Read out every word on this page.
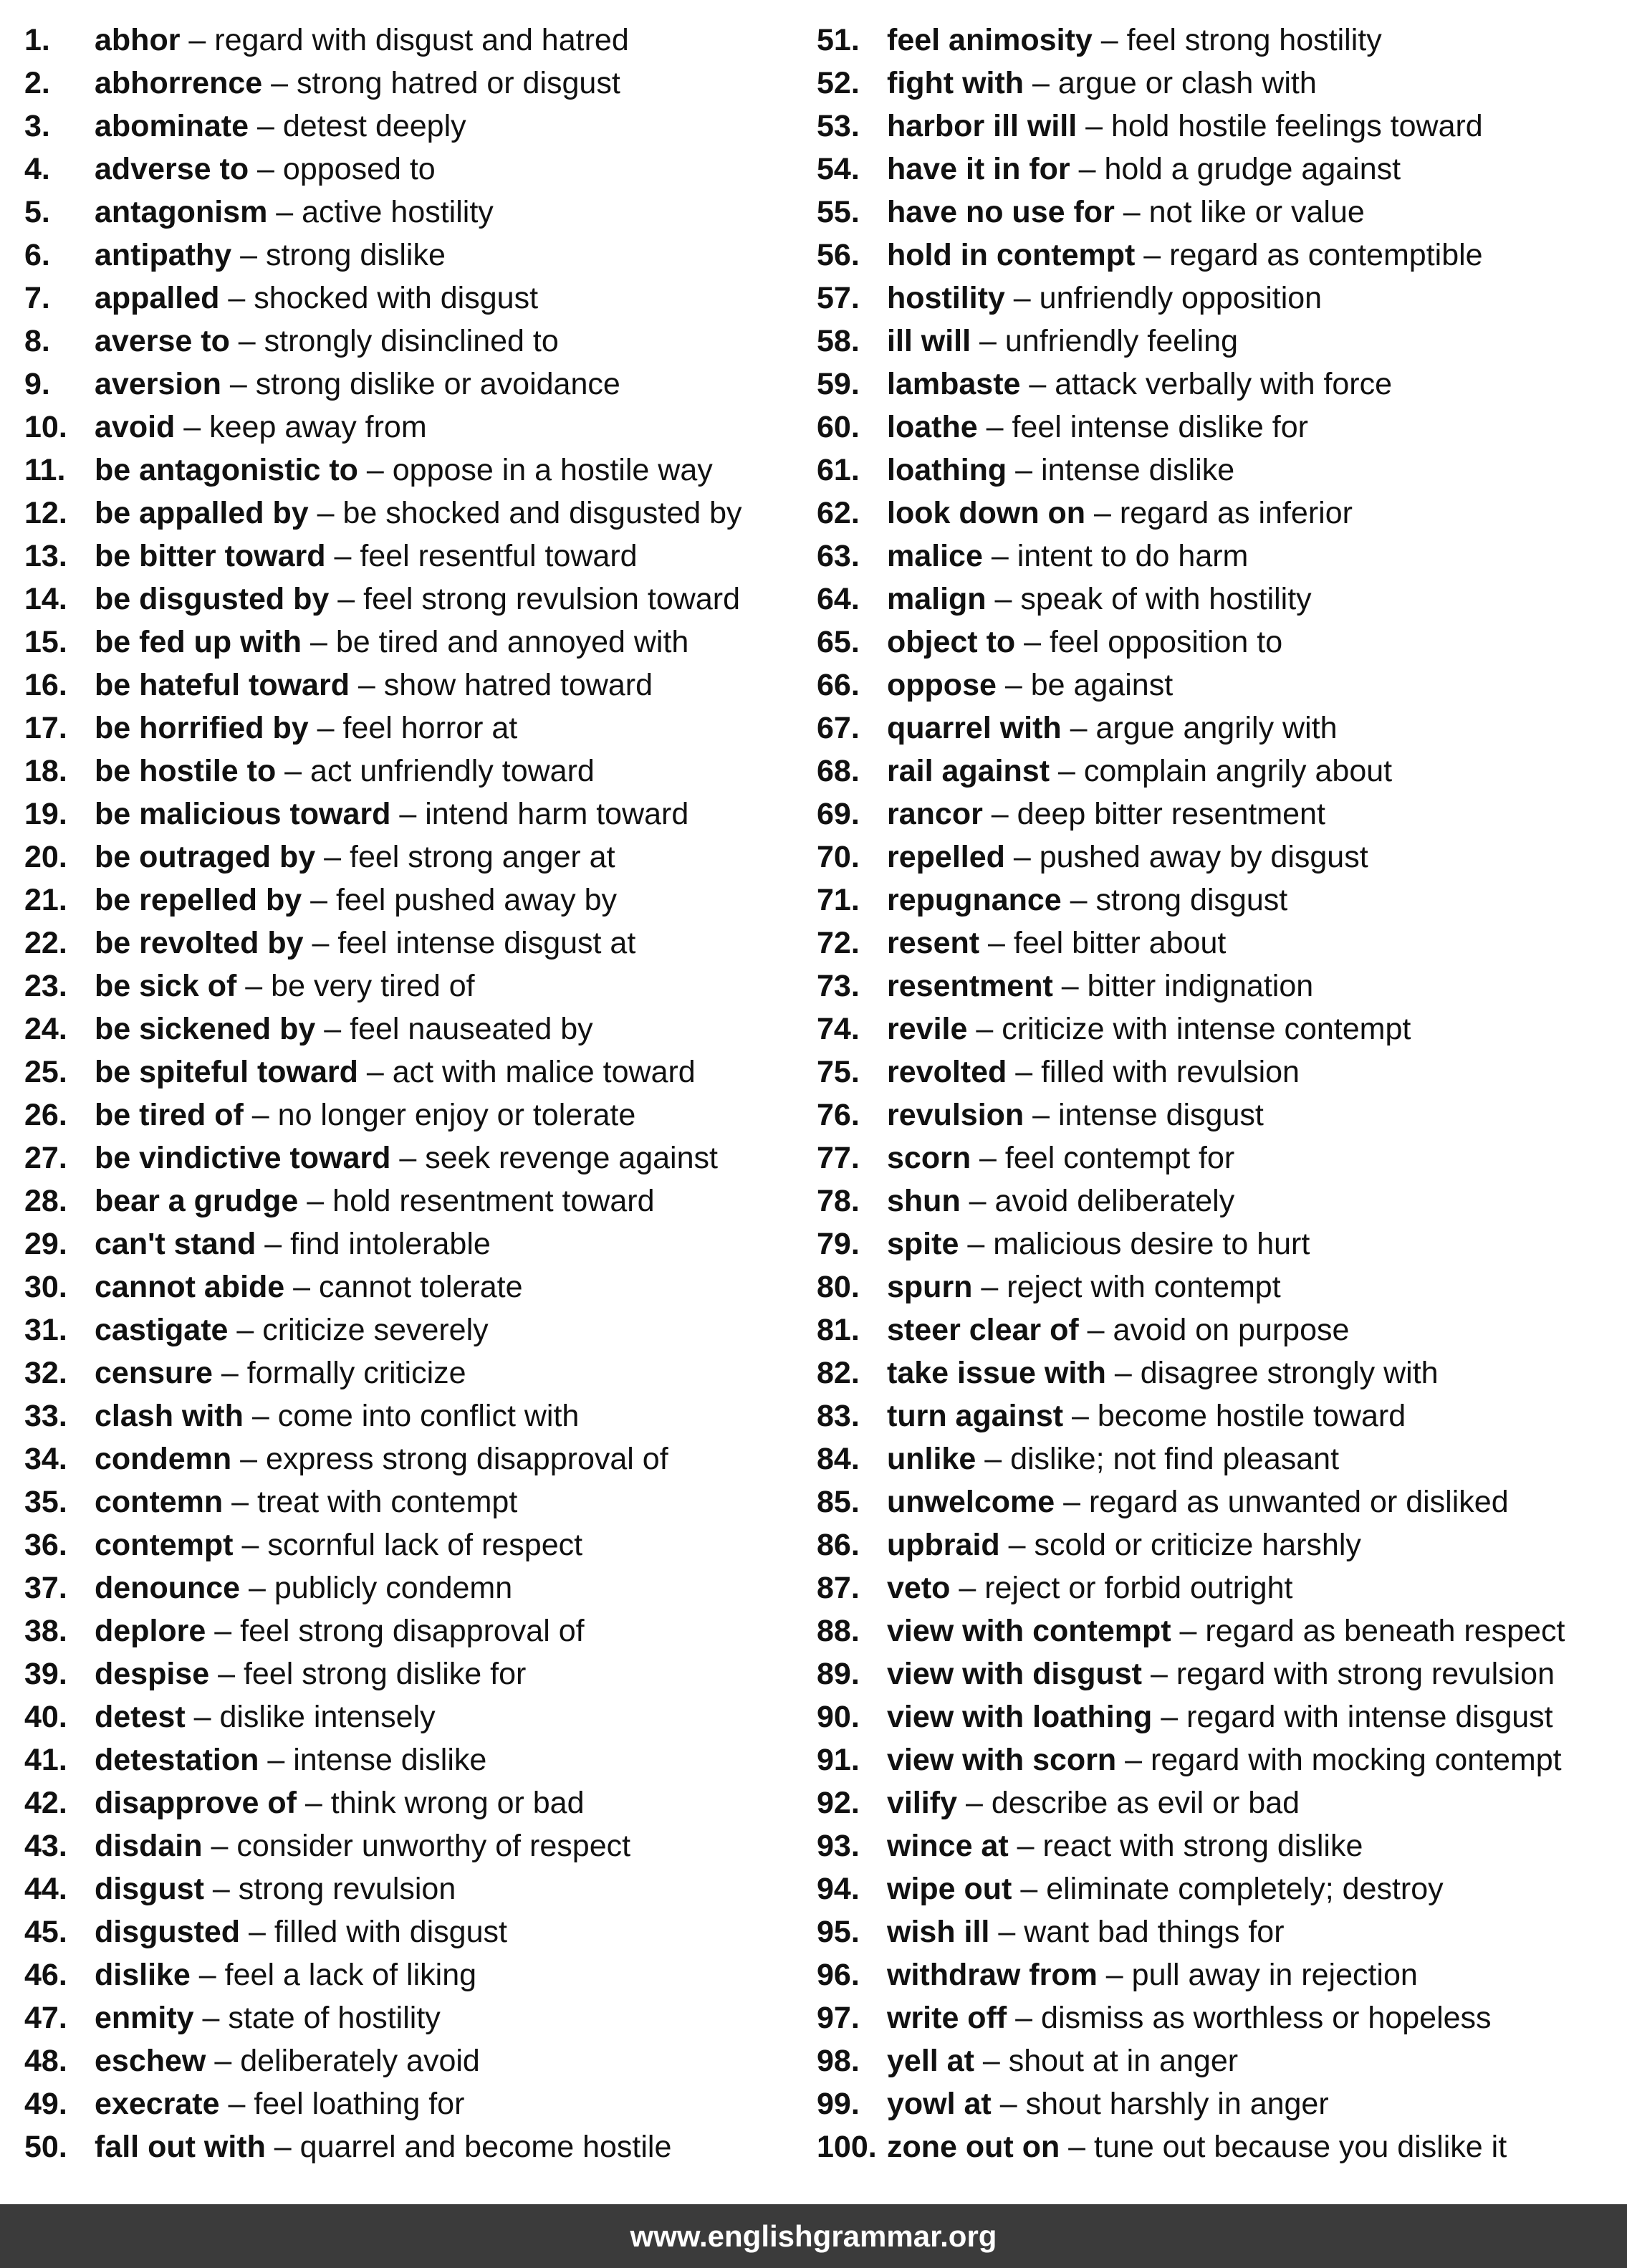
1.	abhor – regard with disgust and hatred
2.	abhorrence – strong hatred or disgust
3.	abominate – detest deeply
4.	adverse to – opposed to
5.	antagonism – active hostility
6.	antipathy – strong dislike
7.	appalled – shocked with disgust
8.	averse to – strongly disinclined to
9.	aversion – strong dislike or avoidance
10. avoid – keep away from
11. be antagonistic to – oppose in a hostile way
12. be appalled by – be shocked and disgusted by
13. be bitter toward – feel resentful toward
14. be disgusted by – feel strong revulsion toward
15. be fed up with – be tired and annoyed with
16. be hateful toward – show hatred toward
17. be horrified by – feel horror at
18. be hostile to – act unfriendly toward
19. be malicious toward – intend harm toward
20. be outraged by – feel strong anger at
21. be repelled by – feel pushed away by
22. be revolted by – feel intense disgust at
23. be sick of – be very tired of
24. be sickened by – feel nauseated by
25. be spiteful toward – act with malice toward
26. be tired of – no longer enjoy or tolerate
27. be vindictive toward – seek revenge against
28. bear a grudge – hold resentment toward
29. can't stand – find intolerable
30. cannot abide – cannot tolerate
31. castigate – criticize severely
32. censure – formally criticize
33. clash with – come into conflict with
34. condemn – express strong disapproval of
35. contemn – treat with contempt
36. contempt – scornful lack of respect
37. denounce – publicly condemn
38. deplore – feel strong disapproval of
39. despise – feel strong dislike for
40. detest – dislike intensely
41. detestation – intense dislike
42. disapprove of – think wrong or bad
43. disdain – consider unworthy of respect
44. disgust – strong revulsion
45. disgusted – filled with disgust
46. dislike – feel a lack of liking
47. enmity – state of hostility
48. eschew – deliberately avoid
49. execrate – feel loathing for
50. fall out with – quarrel and become hostile
51. feel animosity – feel strong hostility
52. fight with – argue or clash with
53. harbor ill will – hold hostile feelings toward
54. have it in for – hold a grudge against
55. have no use for – not like or value
56. hold in contempt – regard as contemptible
57. hostility – unfriendly opposition
58. ill will – unfriendly feeling
59. lambaste – attack verbally with force
60. loathe – feel intense dislike for
61. loathing – intense dislike
62. look down on – regard as inferior
63. malice – intent to do harm
64. malign – speak of with hostility
65. object to – feel opposition to
66. oppose – be against
67. quarrel with – argue angrily with
68. rail against – complain angrily about
69. rancor – deep bitter resentment
70. repelled – pushed away by disgust
71. repugnance – strong disgust
72. resent – feel bitter about
73. resentment – bitter indignation
74. revile – criticize with intense contempt
75. revolted – filled with revulsion
76. revulsion – intense disgust
77. scorn – feel contempt for
78. shun – avoid deliberately
79. spite – malicious desire to hurt
80. spurn – reject with contempt
81. steer clear of – avoid on purpose
82. take issue with – disagree strongly with
83. turn against – become hostile toward
84. unlike – dislike; not find pleasant
85. unwelcome – regard as unwanted or disliked
86. upbraid – scold or criticize harshly
87. veto – reject or forbid outright
88. view with contempt – regard as beneath respect
89. view with disgust – regard with strong revulsion
90. view with loathing – regard with intense disgust
91. view with scorn – regard with mocking contempt
92. vilify – describe as evil or bad
93. wince at – react with strong dislike
94. wipe out – eliminate completely; destroy
95. wish ill – want bad things for
96. withdraw from – pull away in rejection
97. write off – dismiss as worthless or hopeless
98. yell at – shout at in anger
99. yowl at – shout harshly in anger
100. zone out on – tune out because you dislike it
www.englishgrammar.org
